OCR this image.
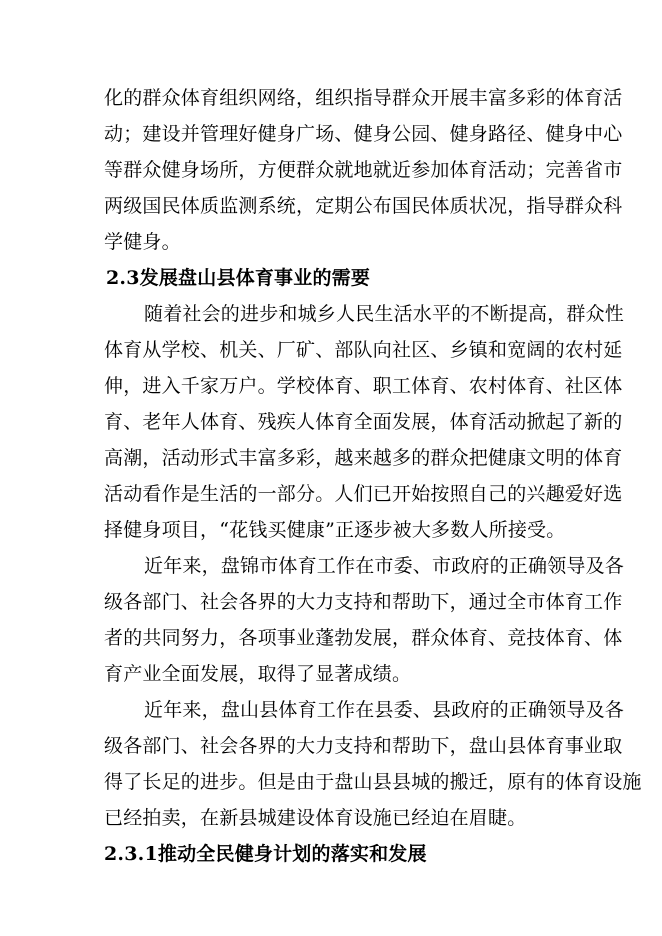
化的群众体育组织网络，组织指导群众开展丰富多彩的体育活
动；建设并管理好健身广场、健身公园、健身路径、健身中心
等群众健身场所，方便群众就地就近参加体育活动；完善省市
两级国民体质监测系统，定期公布国民体质状况，指导群众科
学健身。
2.3发展盘山县体育事业的需要
随着社会的进步和城乡人民生活水平的不断提高，群众性
体育从学校、机关、厂矿、部队向社区、乡镇和宽阔的农村延
伸，进入千家万户。学校体育、职工体育、农村体育、社区体
育、老年人体育、残疾人体育全面发展，体育活动掀起了新的
高潮，活动形式丰富多彩，越来越多的群众把健康文明的体育
活动看作是生活的一部分。人们已开始按照自己的兴趣爱好选
择健身项目，“花钱买健康”正逐步被大多数人所接受。
近年来，盘锦市体育工作在市委、市政府的正确领导及各
级各部门、社会各界的大力支持和帮助下，通过全市体育工作
者的共同努力，各项事业蓬勃发展，群众体育、竞技体育、体
育产业全面发展，取得了显著成绩。
近年来，盘山县体育工作在县委、县政府的正确领导及各
级各部门、社会各界的大力支持和帮助下，盘山县体育事业取
得了长足的进步。但是由于盘山县县城的搬迁，原有的体育设施
已经拍卖，在新县城建设体育设施已经迫在眉睫。
2.3.1推动全民健身计划的落实和发展
